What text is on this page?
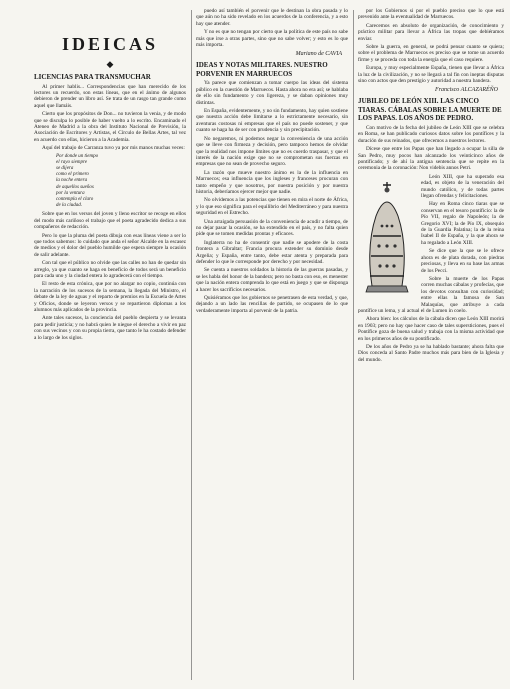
IDEICAS
◆
LICENCIAS PARA TRANSMUCHAR

Al primer hablis... Correspondencias que han merecido de los lectores un recuerdo, son estas líneas, que en el ánimo de algunos debieron de prender un libro así. Se trata de un rasgo tan grande como aquel que llamáis.

Cierto que los propósitos de Don... no tuvieron la venia, y de modo que se disculpa lo posible de haber vuelto a lo escrito. Encaminado el Ateneo de Madrid a la obra del Instituto Nacional de Previsión, la Asociación de Escritores y Artistas, el Círculo de Bellas Artes, tal vez en acuerdo con ellas, hicieron a la Academia.

Aquí del trabajo de Carranza tuvo ya por mis manos muchas veces:

Por donde un tiempo
el rayo siempre
se dijera
como el primero
la noche entera
de aquellos sueños
por la ventura
contempla el claro
de la ciudad.

Sobre que en los versos del joven y lleno escritor se recoge en ellos del modo más cariñoso el trabajo que el poeta agradecido dedica a sus compañeros de redacción.

Pero lo que la pluma del poeta dibuja con esas líneas viene a ser lo que todos sabemos: lo cuidado que anda el señor Alcalde en la escasez de medios y el dolor del pueblo humilde que espera siempre la ocasión de salir adelante.

Con tal que el público no olvide que las calles no han de quedar sin arreglo, ya que cuanto se haga en beneficio de todos será un beneficio para cada uno y la ciudad entera lo agradecerá con el tiempo.

El resto de esta crónica, que por no alargar no copio, continúa con la narración de los sucesos de la semana, la llegada del Ministro, el debate de la ley de aguas y el reparto de premios en la Escuela de Artes y Oficios, donde se leyeron versos y se repartieron diplomas a los alumnos más aplicados de la provincia.

Ante tales sucesos, la conciencia del pueblo despierta y se levanta para pedir justicia; y no habrá quien le niegue el derecho a vivir en paz con sus vecinos y con su propia tierra, que tanto le ha costado defender a lo largo de los siglos.

puedo así también el porvenir que le destinan la obra pasada y lo que aún no ha sido revelado en los acuerdos de la conferencia, y a esto hay que atender.

Y no es que no tengan por cierto que la política de este país no sabe más que irse a otras partes, sino que no sabe volver; y esto es lo que más importa.

Mariano de CAVIA
IDEAS Y NOTAS MILITARES. NUESTRO PORVENIR EN MARRUECOS

Ya parece que comienzan a tomar cuerpo las ideas del sistema público en la cuestión de Marruecos. Hasta ahora no era así; se hablaba de ello sin fundamento y con ligereza, y se daban opiniones muy distintas.

En España, evidentemente, y no sin fundamento, hay quien sostiene que nuestra acción debe limitarse a lo estrictamente necesario, sin aventuras costosas ni empresas que el país no puede sostener, y que cuanto se haga ha de ser con prudencia y sin precipitación.

No negaremos, ni podemos negar la conveniencia de una acción que se lleve con firmeza y decisión, pero tampoco hemos de olvidar que la realidad nos impone límites que no es cuerdo traspasar, y que el interés de la nación exige que no se comprometan sus fuerzas en empresas que no sean de provecho seguro.

La razón que mueve nuestro ánimo es la de la influencia en Marruecos; esa influencia que los ingleses y franceses procuran con tanto empeño y que nosotros, por nuestra posición y por nuestra historia, deberíamos ejercer mejor que nadie.

No olvidemos a las potencias que tienen en mira el norte de África, y lo que eso significa para el equilibrio del Mediterráneo y para nuestra seguridad en el Estrecho.

Una arraigada persuasión de la conveniencia de acudir a tiempo, de no dejar pasar la ocasión, se ha extendido en el país, y no falta quien pide que se tomen medidas prontas y eficaces.

Inglaterra no ha de consentir que nadie se apodere de la costa frontera a Gibraltar; Francia procura extender su dominio desde Argelia; y España, entre tanto, debe estar atenta y preparada para defender lo que le corresponde por derecho y por necesidad.

Se cuenta a nuestros soldados la historia de las guerras pasadas, y se les habla del honor de la bandera; pero no basta con eso, es menester que la nación entera comprenda lo que está en juego y que se disponga a hacer los sacrificios necesarios.

Quisiéramos que los gobiernos se penetrasen de esta verdad, y que, dejando a un lado las rencillas de partido, se ocupasen de lo que verdaderamente importa al porvenir de la patria.

por los Gobiernos si por el pueblo preciso que lo que está prevenido ante la eventualidad de Marruecos.

Carecemos en absoluto de organización, de conocimiento y práctico militar para llevar a África las tropas que debiéramos enviar.

Sobre la guerra, en general, se podrá pensar cuanto se quiera; sobre el problema de Marruecos es preciso que se tome un acuerdo firme y se proceda con toda la energía que el caso requiere.

Europa, y muy especialmente España, tienen que llevar a África la luz de la civilización, y no se llegará a tal fin con ineptas disputas sino con actos que den prestigio y autoridad a nuestra bandera.

Francisco ALCAZARÉÑO
JUBILEO DE LEÓN XIII. LAS CINCO TIARAS. CÁBALAS SOBRE LA MUERTE DE LOS PAPAS. LOS AÑOS DE PEDRO.

Con motivo de la fecha del jubileo de León XIII que se celebra en Roma, se han publicado curiosos datos sobre los pontífices y la duración de sus reinados, que ofrecemos a nuestros lectores.

Dícese que entre los Papas que han llegado a ocupar la silla de San Pedro, muy pocos han alcanzado los veinticinco años de pontificado; y de ahí la antigua sentencia que se repite en la ceremonia de la coronación: Non videbis annos Petri.

León XIII, que ha superado esa edad, es objeto de la veneración del mundo católico, y de todas partes llegan ofrendas y felicitaciones.

Hay en Roma cinco tiaras que se conservan en el tesoro pontificio: la de Pío VII, regalo de Napoleón; la de Gregorio XVI; la de Pío IX, obsequio de la Guardia Palatina; la de la reina Isabel II de España, y la que ahora se ha regalado a León XIII.

Se dice que la que se le ofrece ahora es de plata dorada, con piedras preciosas, y lleva en su base las armas de los Pecci.

Sobre la muerte de los Papas corren muchas cábalas y profecías, que los devotos consultan con curiosidad; entre ellas la famosa de San Malaquías, que atribuye a cada pontífice un lema, y al actual el de Lumen in coelo.

Ahora bien: los cálculos de la cábala dicen que León XIII morirá en 1903; pero no hay que hacer caso de tales supersticiones, pues el Pontífice goza de buena salud y trabaja con la misma actividad que en los primeros años de su pontificado.

De los años de Pedro ya se ha hablado bastante; ahora falta que Dios conceda al Santo Padre muchos más para bien de la Iglesia y del mundo.
